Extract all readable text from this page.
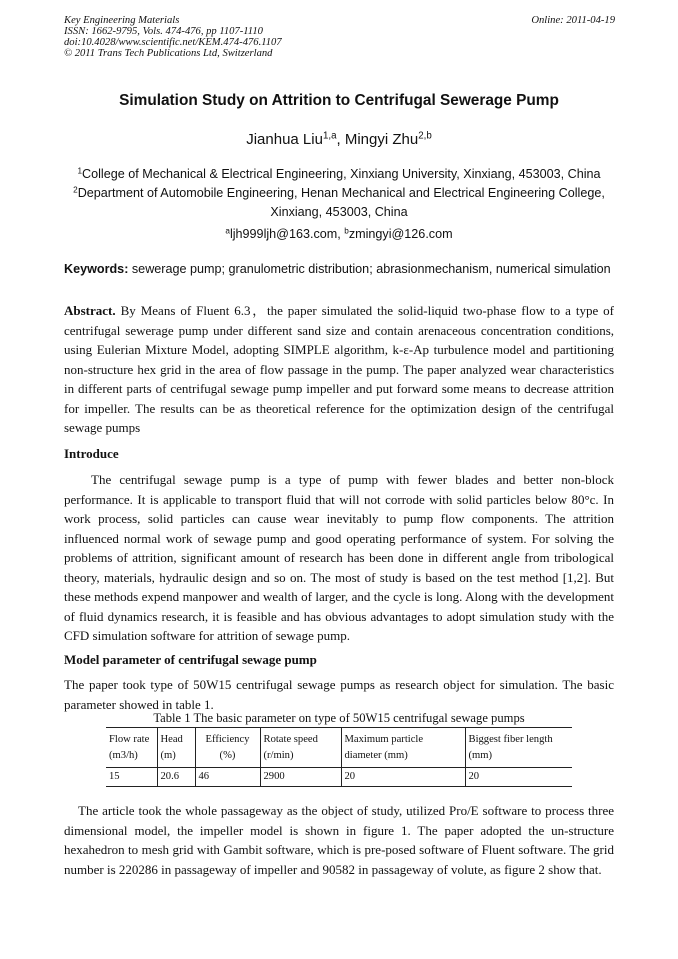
Key Engineering Materials
ISSN: 1662-9795, Vols. 474-476, pp 1107-1110
doi:10.4028/www.scientific.net/KEM.474-476.1107
© 2011 Trans Tech Publications Ltd, Switzerland
Online: 2011-04-19
Simulation Study on Attrition to Centrifugal Sewerage Pump
Jianhua Liu$^{1,a}$, Mingyi Zhu$^{2,b}$
$^1$College of Mechanical & Electrical Engineering, Xinxiang University, Xinxiang, 453003, China
$^2$Department of Automobile Engineering, Henan Mechanical and Electrical Engineering College, Xinxiang, 453003, China
$^a$ljh999ljh@163.com, $^b$zmingyi@126.com
Keywords: sewerage pump; granulometric distribution; abrasionmechanism, numerical simulation
Abstract. By Means of Fluent 6.3，the paper simulated the solid-liquid two-phase flow to a type of centrifugal sewerage pump under different sand size and contain arenaceous concentration conditions, using Eulerian Mixture Model, adopting SIMPLE algorithm, k-ε-Ap turbulence model and partitioning non-structure hex grid in the area of flow passage in the pump. The paper analyzed wear characteristics in different parts of centrifugal sewage pump impeller and put forward some means to decrease attrition for impeller. The results can be as theoretical reference for the optimization design of the centrifugal sewage pumps
Introduce
The centrifugal sewage pump is a type of pump with fewer blades and better non-block performance. It is applicable to transport fluid that will not corrode with solid particles below 80°c. In work process, solid particles can cause wear inevitably to pump flow components. The attrition influenced normal work of sewage pump and good operating performance of system. For solving the problems of attrition, significant amount of research has been done in different angle from tribological theory, materials, hydraulic design and so on. The most of study is based on the test method [1,2]. But these methods expend manpower and wealth of larger, and the cycle is long. Along with the development of fluid dynamics research, it is feasible and has obvious advantages to adopt simulation study with the CFD simulation software for attrition of sewage pump.
Model parameter of centrifugal sewage pump
The paper took type of 50W15 centrifugal sewage pumps as research object for simulation. The basic parameter showed in table 1.
Table 1 The basic parameter on type of 50W15 centrifugal sewage pumps
Flow rate (m3/h)	Head (m)	Efficiency (%)	Rotate speed (r/min)	Maximum particle diameter (mm)	Biggest fiber length (mm)
15	20.6	46	2900	20	20
The article took the whole passageway as the object of study, utilized Pro/E software to process three dimensional model, the impeller model is shown in figure 1. The paper adopted the un-structure hexahedron to mesh grid with Gambit software, which is pre-posed software of Fluent software. The grid number is 220286 in passageway of impeller and 90582 in passageway of volute, as figure 2 show that.
